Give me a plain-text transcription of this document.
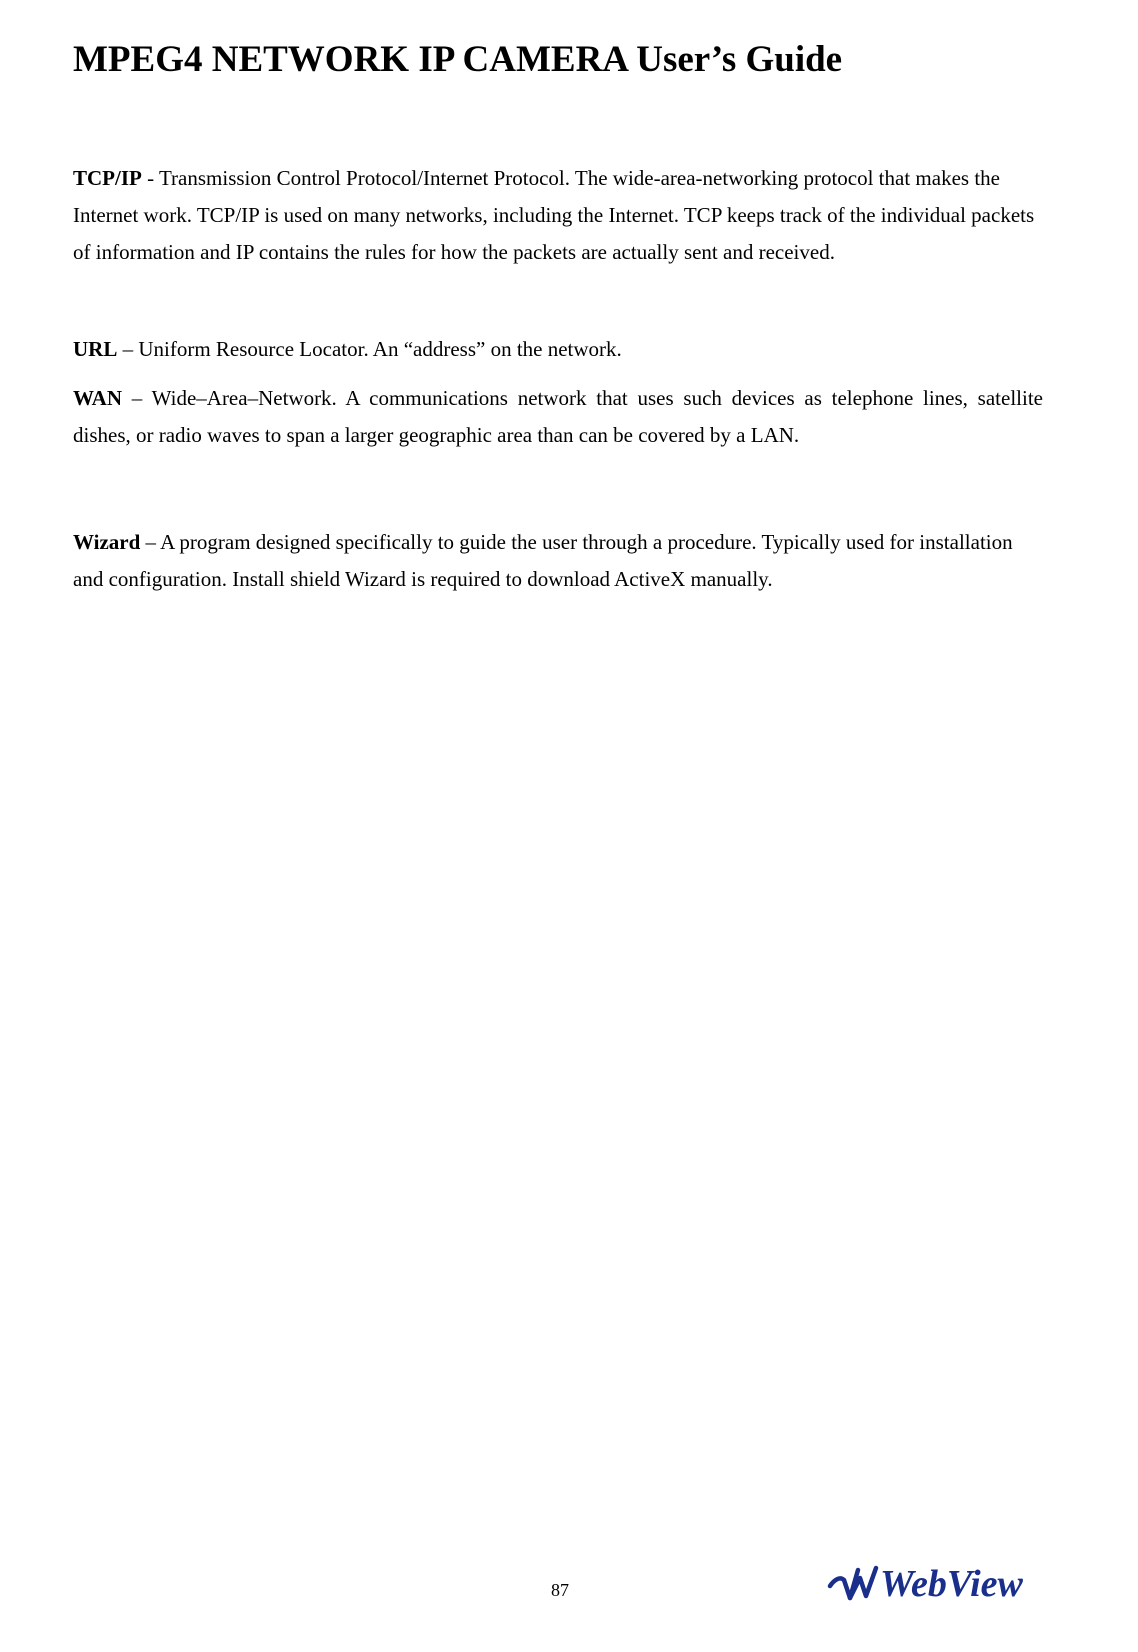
MPEG4 NETWORK IP CAMERA User’s Guide

TCP/IP - Transmission Control Protocol/Internet Protocol. The wide-area-networking protocol that makes the Internet work. TCP/IP is used on many networks, including the Internet. TCP keeps track of the individual packets of information and IP contains the rules for how the packets are actually sent and received.

URL – Uniform Resource Locator. An “address” on the network.

WAN – Wide–Area–Network. A communications network that uses such devices as telephone lines, satellite dishes, or radio waves to span a larger geographic area than can be covered by a LAN.

Wizard – A program designed specifically to guide the user through a procedure. Typically used for installation and configuration. Install shield Wizard is required to download ActiveX manually.

87	WebView
